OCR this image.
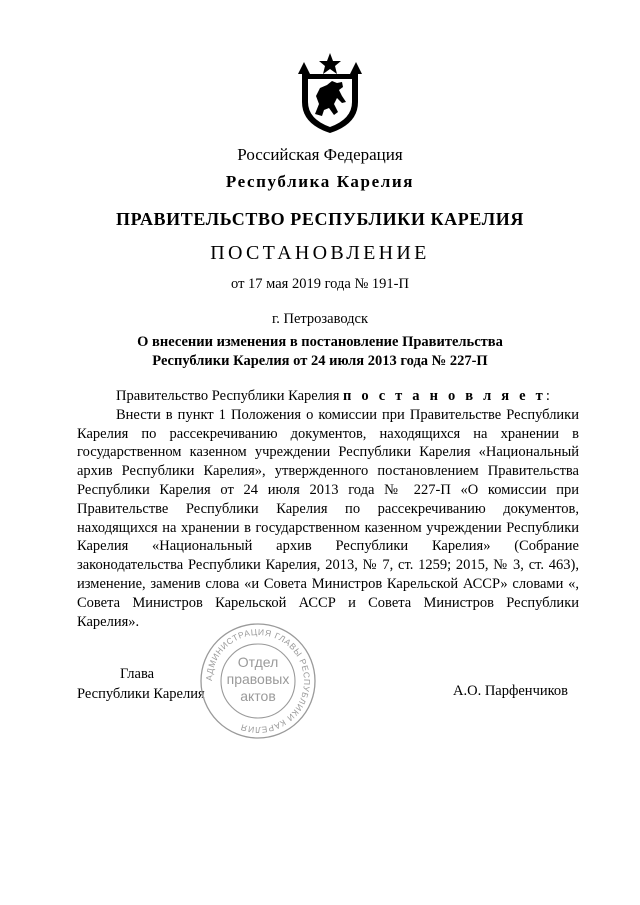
Российская Федерация
Республика Карелия
ПРАВИТЕЛЬСТВО РЕСПУБЛИКИ КАРЕЛИЯ
ПОСТАНОВЛЕНИЕ
от 17 мая 2019 года № 191-П
г. Петрозаводск
О внесении изменения в постановление Правительства
Республики Карелия от 24 июля 2013 года № 227-П

Правительство Республики Карелия п о с т а н о в л я е т:

Внести в пункт 1 Положения о комиссии при Правительстве Республики Карелия по рассекречиванию документов, находящихся на хранении в государственном казенном учреждении Республики Карелия «Национальный архив Республики Карелия», утвержденного постановлением Правительства Республики Карелия от 24 июля 2013 года № 227-П «О комиссии при Правительстве Республики Карелия по рассекречиванию документов, находящихся на хранении в государственном казенном учреждении Республики Карелия «Национальный архив Республики Карелия» (Собрание законодательства Республики Карелия, 2013, № 7, ст. 1259; 2015, № 3, ст. 463), изменение, заменив слова «и Совета Министров Карельской АССР» словами «, Совета Министров Карельской АССР и Совета Министров Республики Карелия».

Глава
Республики Карелия	А.О. Парфенчиков
АДМИНИСТРАЦИЯ ГЛАВЫ РЕСПУБЛИКИ КАРЕЛИЯ
Отдел
правовых
актов
